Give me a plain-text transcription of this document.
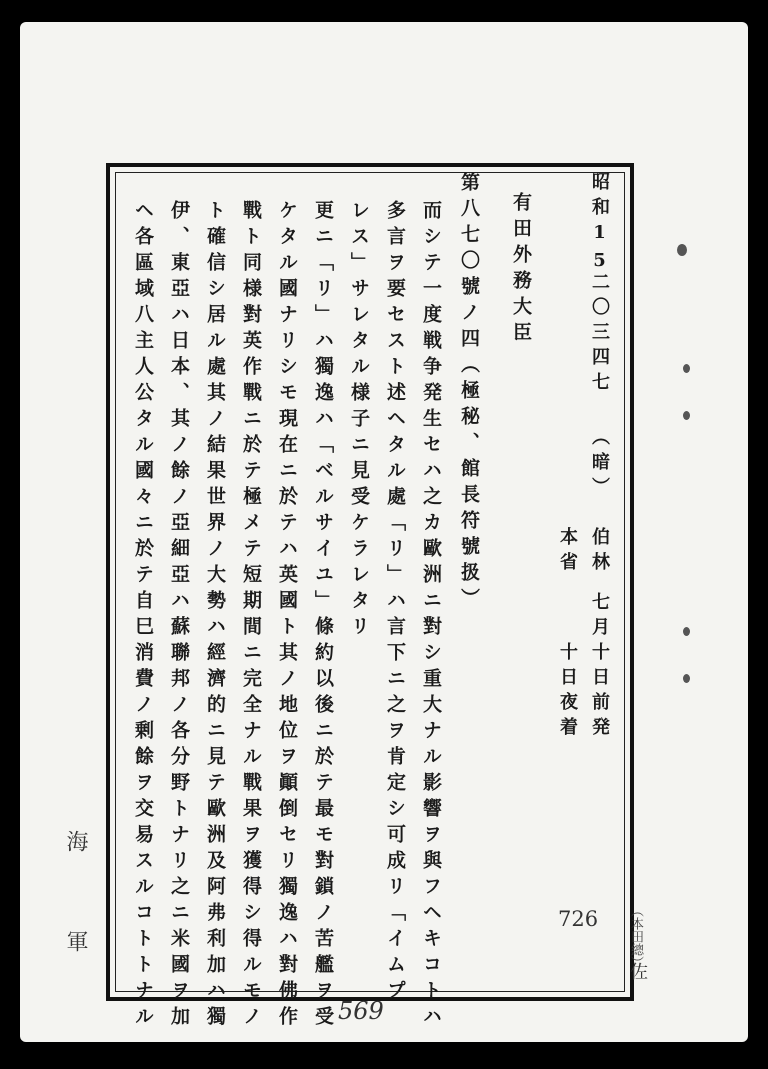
昭和15
二〇三四七
（暗）
伯林
七月十日前発
本省
十日夜着
有田外務大臣
第八七〇號ノ四（極秘、館長符號扱）
而シテ一度戦争発生セハ之カ歐洲ニ對シ重大ナル影響ヲ與フヘキコトハ
多言ヲ要セスト述ヘタル處「リ」ハ言下ニ之ヲ肯定シ可成リ「イムプ
レス」サレタル様子ニ見受ケラレタリ
更ニ「リ」ハ獨逸ハ「ベルサイユ」條約以後ニ於テ最モ對鎖ノ苦艦ヲ受
ケタル國ナリシモ現在ニ於テハ英國ト其ノ地位ヲ顚倒セリ獨逸ハ對佛作
戰ト同様對英作戰ニ於テ極メテ短期間ニ完全ナル戰果ヲ獲得シ得ルモノ
ト確信シ居ル處其ノ結果世界ノ大勢ハ經濟的ニ見テ歐洲及阿弗利加ハ獨
伊、東亞ハ日本、其ノ餘ノ亞細亞ハ蘇聯邦ノ各分野トナリ之ニ米國ヲ加
ヘ各區域八主人公タル國々ニ於テ自巳消費ノ剰餘ヲ交易スルコトトナル	726
569
海
軍	（本田總）
佐
